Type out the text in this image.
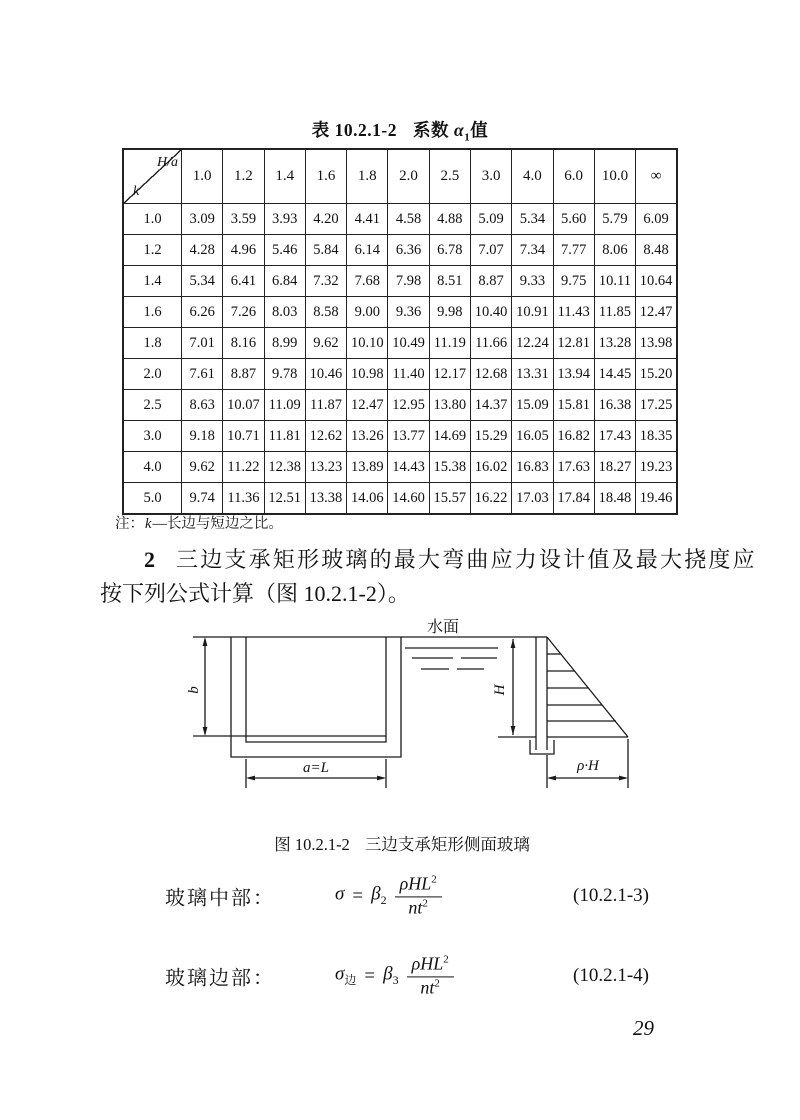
表 10.2.1-2 系数 $\alpha_1$值
H/a
k	1.0	1.2	1.4	1.6	1.8	2.0	2.5	3.0	4.0	6.0	10.0	∞
1.0	3.09	3.59	3.93	4.20	4.41	4.58	4.88	5.09	5.34	5.60	5.79	6.09
1.2	4.28	4.96	5.46	5.84	6.14	6.36	6.78	7.07	7.34	7.77	8.06	8.48
1.4	5.34	6.41	6.84	7.32	7.68	7.98	8.51	8.87	9.33	9.75	10.11	10.64
1.6	6.26	7.26	8.03	8.58	9.00	9.36	9.98	10.40	10.91	11.43	11.85	12.47
1.8	7.01	8.16	8.99	9.62	10.10	10.49	11.19	11.66	12.24	12.81	13.28	13.98
2.0	7.61	8.87	9.78	10.46	10.98	11.40	12.17	12.68	13.31	13.94	14.45	15.20
2.5	8.63	10.07	11.09	11.87	12.47	12.95	13.80	14.37	15.09	15.81	16.38	17.25
3.0	9.18	10.71	11.81	12.62	13.26	13.77	14.69	15.29	16.05	16.82	17.43	18.35
4.0	9.62	11.22	12.38	13.23	13.89	14.43	15.38	16.02	16.83	17.63	18.27	19.23
5.0	9.74	11.36	12.51	13.38	14.06	14.60	15.57	16.22	17.03	17.84	18.48	19.46
注：k—长边与短边之比。
2 三边支承矩形玻璃的最大弯曲应力设计值及最大挠度应
按下列公式计算（图 10.2.1-2）。
水面
b	H
a=L	ρ·H
图 10.2.1-2 三边支承矩形侧面玻璃
玻璃中部：	$\sigma = \beta_2 \frac{\rho HL^2}{nt^2}$	(10.2.1-3)
玻璃边部：	$\sigma_边 = \beta_3 \frac{\rho HL^2}{nt^2}$	(10.2.1-4)
29
